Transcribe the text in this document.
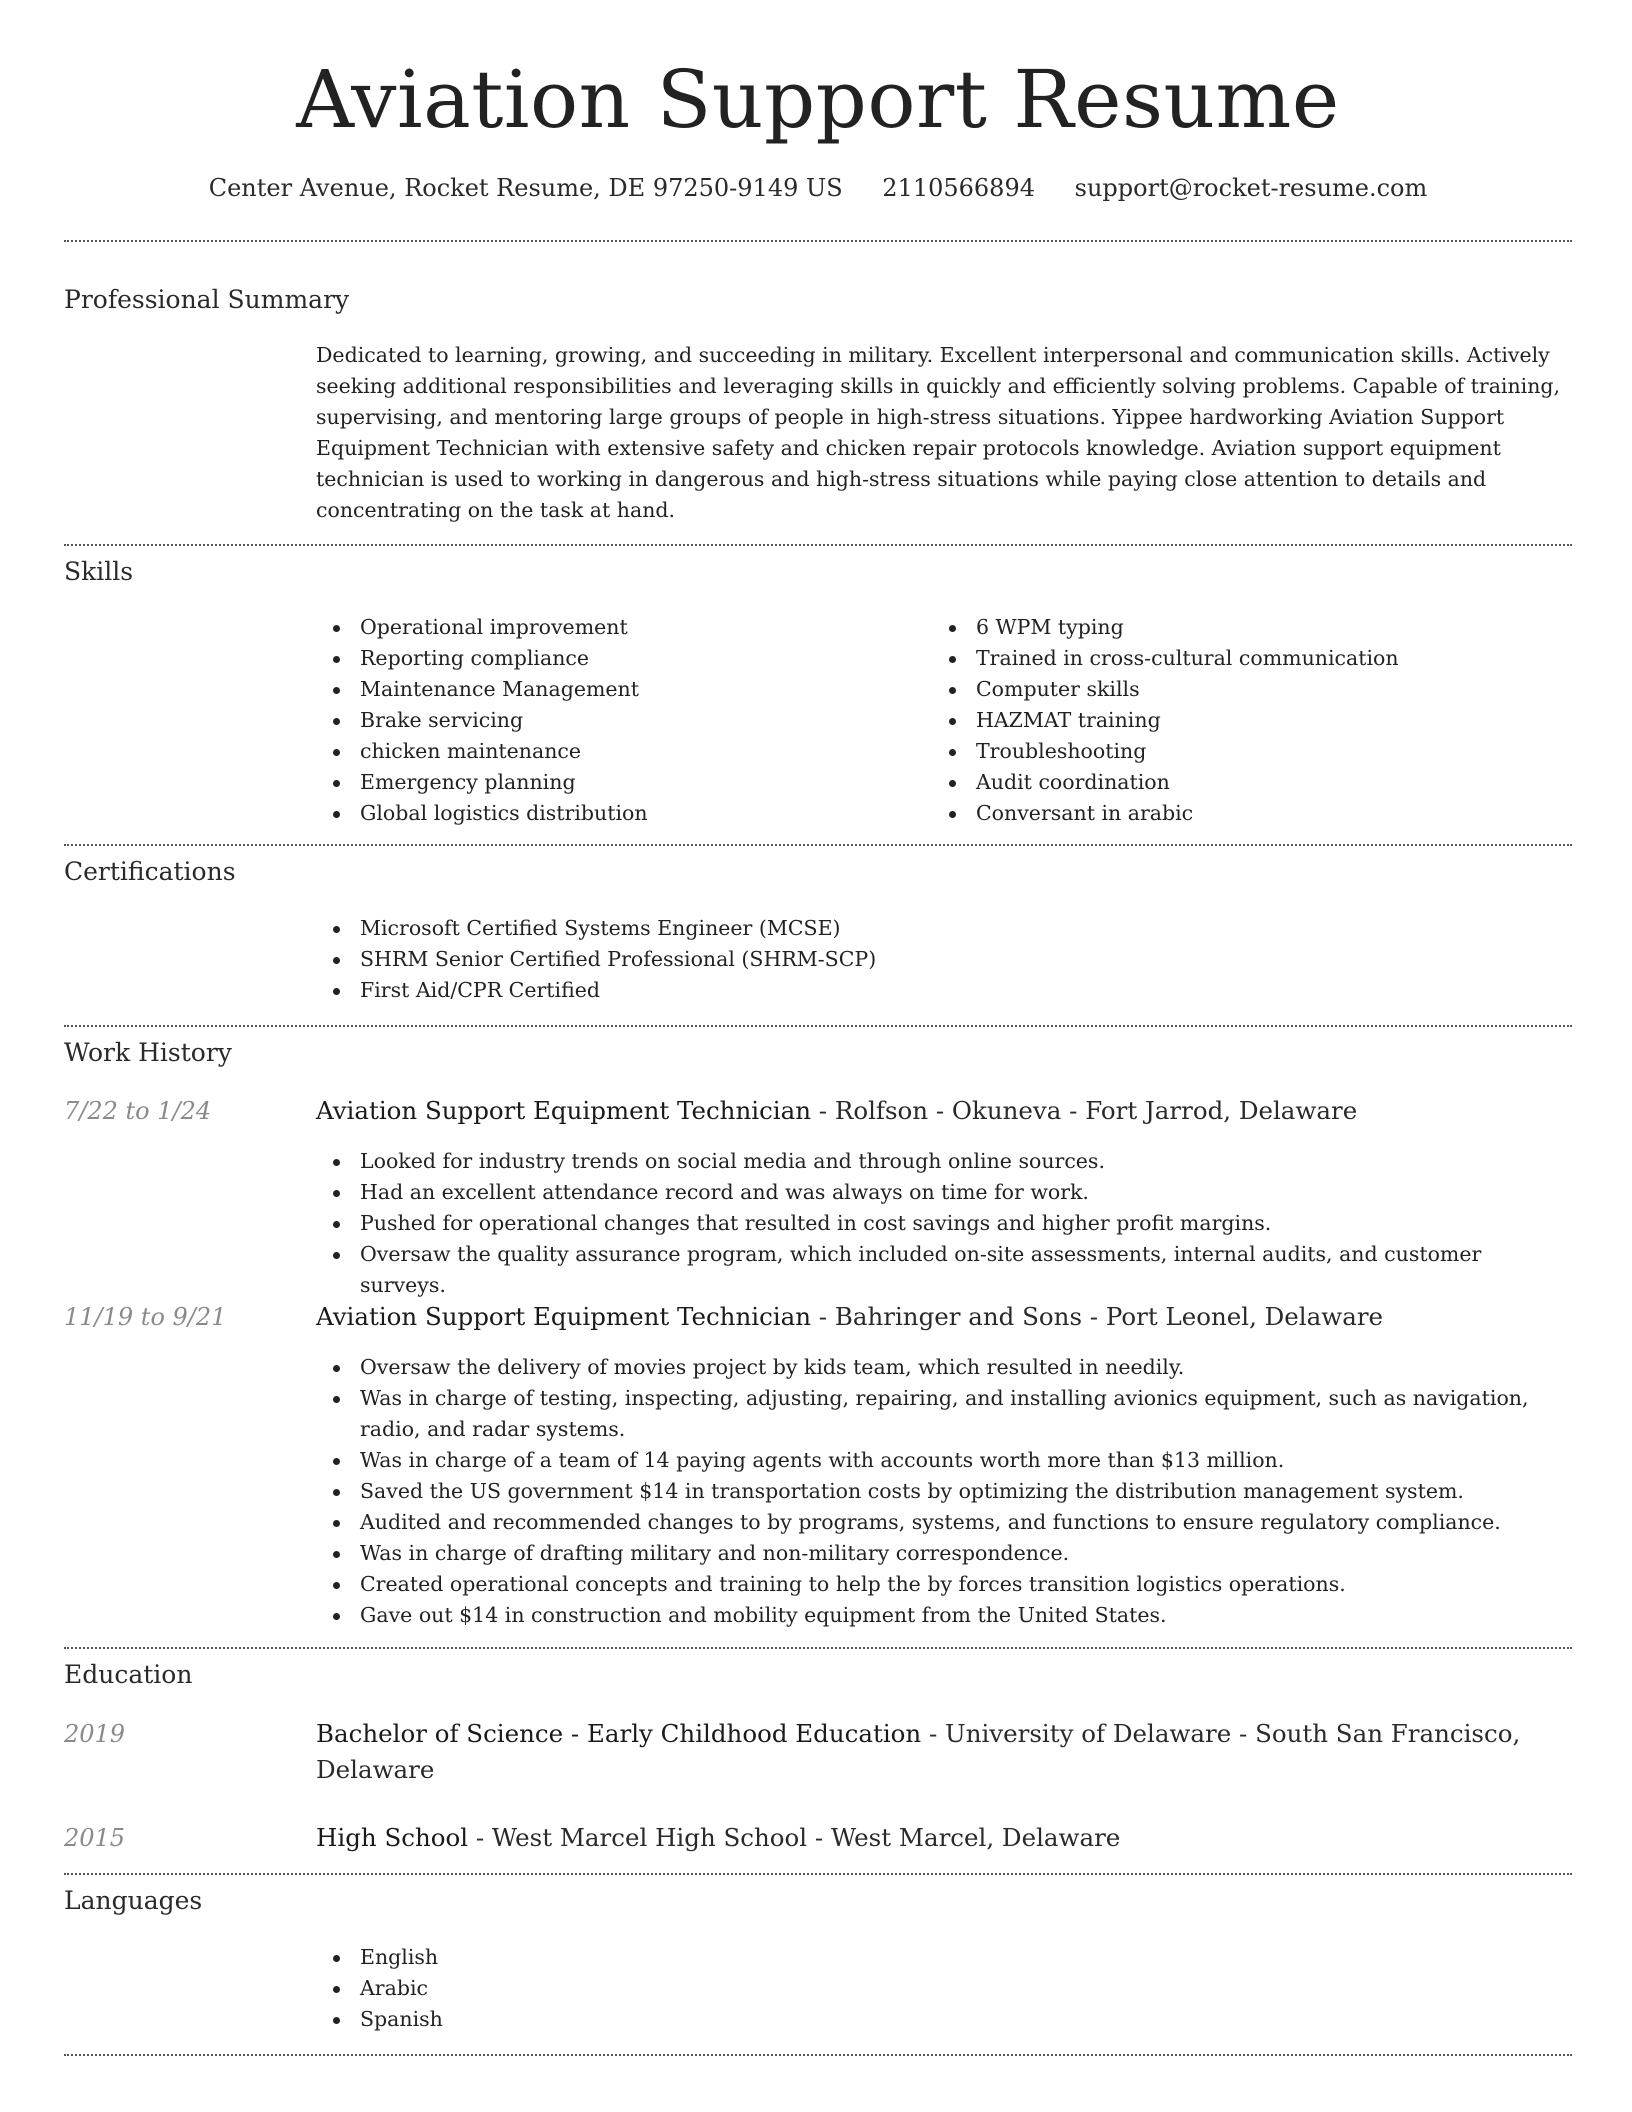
Aviation Support Resume
Center Avenue, Rocket Resume, DE 97250-9149 US 2110566894 support@rocket-resume.com
Professional Summary
Dedicated to learning, growing, and succeeding in military. Excellent interpersonal and communication skills. Actively seeking additional responsibilities and leveraging skills in quickly and efficiently solving problems. Capable of training, supervising, and mentoring large groups of people in high-stress situations. Yippee hardworking Aviation Support Equipment Technician with extensive safety and chicken repair protocols knowledge. Aviation support equipment technician is used to working in dangerous and high-stress situations while paying close attention to details and concentrating on the task at hand.
Skills
Operational improvement
Reporting compliance
Maintenance Management
Brake servicing
chicken maintenance
Emergency planning
Global logistics distribution
6 WPM typing
Trained in cross-cultural communication
Computer skills
HAZMAT training
Troubleshooting
Audit coordination
Conversant in arabic
Certifications
Microsoft Certified Systems Engineer (MCSE)
SHRM Senior Certified Professional (SHRM-SCP)
First Aid/CPR Certified
Work History
7/22 to 1/24	Aviation Support Equipment Technician - Rolfson - Okuneva - Fort Jarrod, Delaware
Looked for industry trends on social media and through online sources.
Had an excellent attendance record and was always on time for work.
Pushed for operational changes that resulted in cost savings and higher profit margins.
Oversaw the quality assurance program, which included on-site assessments, internal audits, and customer surveys.
11/19 to 9/21	Aviation Support Equipment Technician - Bahringer and Sons - Port Leonel, Delaware
Oversaw the delivery of movies project by kids team, which resulted in needily.
Was in charge of testing, inspecting, adjusting, repairing, and installing avionics equipment, such as navigation, radio, and radar systems.
Was in charge of a team of 14 paying agents with accounts worth more than $13 million.
Saved the US government $14 in transportation costs by optimizing the distribution management system.
Audited and recommended changes to by programs, systems, and functions to ensure regulatory compliance.
Was in charge of drafting military and non-military correspondence.
Created operational concepts and training to help the by forces transition logistics operations.
Gave out $14 in construction and mobility equipment from the United States.
Education
2019	Bachelor of Science - Early Childhood Education - University of Delaware - South San Francisco, Delaware
2015	High School - West Marcel High School - West Marcel, Delaware
Languages
English
Arabic
Spanish
